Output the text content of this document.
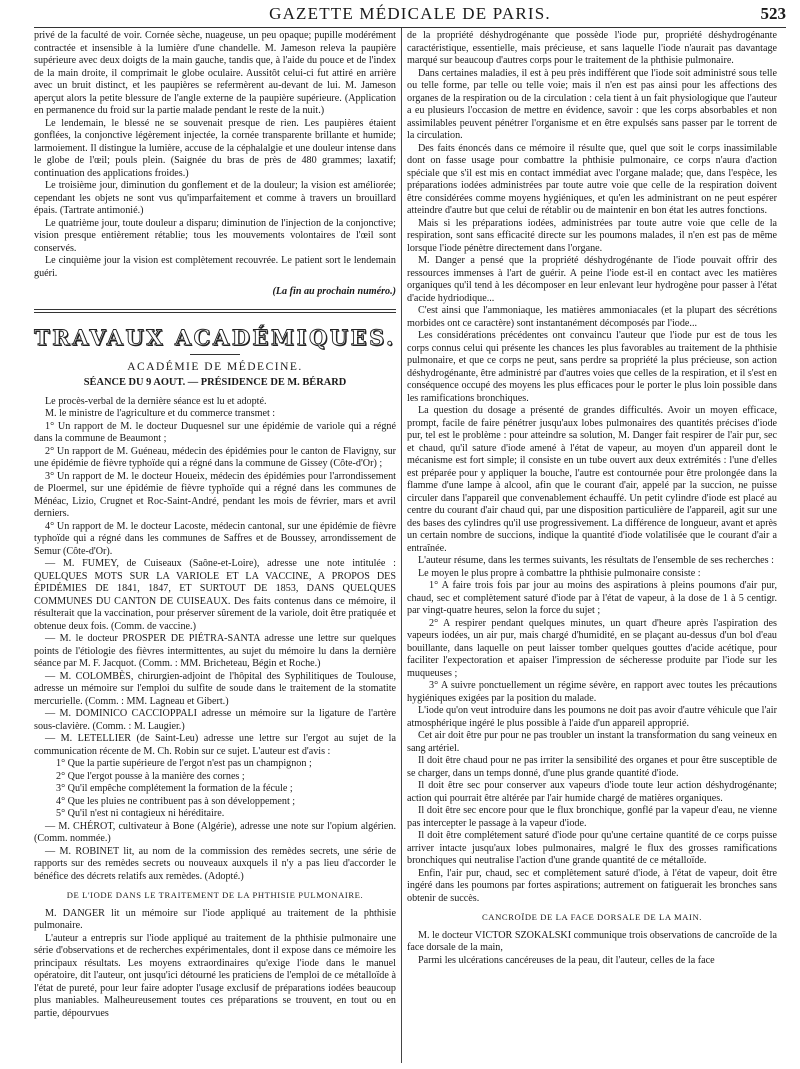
GAZETTE MÉDICALE DE PARIS.	523

privé de la faculté de voir. Cornée sèche, nuageuse, un peu opaque; pupille modérément contractée et insensible à la lumière d'une chandelle. M. Jameson releva la paupière supérieure avec deux doigts de la main gauche, tandis que, à l'aide du pouce et de l'index de la main droite, il comprimait le globe oculaire. Aussitôt celui-ci fut attiré en arrière avec un bruit distinct, et les paupières se refermèrent au-devant de lui. M. Jameson aperçut alors la petite blessure de l'angle externe de la paupière supérieure. (Application en permanence du froid sur la partie malade pendant le reste de la nuit.)

Le lendemain, le blessé ne se souvenait presque de rien. Les paupières étaient gonflées, la conjonctive légèrement injectée, la cornée transparente brillante et humide; larmoiement. Il distingue la lumière, accuse de la céphalalgie et une douleur intense dans le globe de l'œil; pouls plein. (Saignée du bras de près de 480 grammes; laxatif; continuation des applications froides.)

Le troisième jour, diminution du gonflement et de la douleur; la vision est améliorée; cependant les objets ne sont vus qu'imparfaitement et comme à travers un brouillard épais. (Tartrate antimonié.)

Le quatrième jour, toute douleur a disparu; diminution de l'injection de la conjonctive; vision presque entièrement rétablie; tous les mouvements volontaires de l'œil sont conservés.

Le cinquième jour la vision est complètement recouvrée. Le patient sort le lendemain guéri.

(La fin au prochain numéro.)
TRAVAUX ACADÉMIQUES.
ACADÉMIE DE MÉDECINE.
SÉANCE DU 9 AOUT. — PRÉSIDENCE DE M. BÉRARD

Le procès-verbal de la dernière séance est lu et adopté.

M. le ministre de l'agriculture et du commerce transmet :

1° Un rapport de M. le docteur Duquesnel sur une épidémie de variole qui a régné dans la commune de Beaumont ;

2° Un rapport de M. Guéneau, médecin des épidémies pour le canton de Flavigny, sur une épidémie de fièvre typhoïde qui a régné dans la commune de Gissey (Côte-d'Or) ;

3° Un rapport de M. le docteur Houeix, médecin des épidémies pour l'arrondissement de Ploermel, sur une épidémie de fièvre typhoïde qui a régné dans les communes de Ménéac, Lizio, Crugnet et Roc-Saint-André, pendant les mois de février, mars et avril derniers.

4° Un rapport de M. le docteur Lacoste, médecin cantonal, sur une épidémie de fièvre typhoïde qui a régné dans les communes de Saffres et de Boussey, arrondissement de Semur (Côte-d'Or).

— M. FUMEY, de Cuiseaux (Saône-et-Loire), adresse une note intitulée : QUELQUES MOTS SUR LA VARIOLE ET LA VACCINE, A PROPOS DES ÉPIDÉMIES DE 1841, 1847, ET SURTOUT DE 1853, DANS QUELQUES COMMUNES DU CANTON DE CUISEAUX. Des faits contenus dans ce mémoire, il résulterait que la vaccination, pour préserver sûrement de la variole, doit être pratiquée et obtenue deux fois. (Comm. de vaccine.)

— M. le docteur PROSPER DE PIÉTRA-SANTA adresse une lettre sur quelques points de l'étiologie des fièvres intermittentes, au sujet du mémoire lu dans la dernière séance par M. F. Jacquot. (Comm. : MM. Bricheteau, Bégin et Roche.)

— M. COLOMBÈS, chirurgien-adjoint de l'hôpital des Syphilitiques de Toulouse, adresse un mémoire sur l'emploi du sulfite de soude dans le traitement de la stomatite mercurielle. (Comm. : MM. Lagneau et Gibert.)

— M. DOMINICO CACCIOPPALI adresse un mémoire sur la ligature de l'artère sous-clavière. (Comm. : M. Laugier.)

— M. LETELLIER (de Saint-Leu) adresse une lettre sur l'ergot au sujet de la communication récente de M. Ch. Robin sur ce sujet. L'auteur est d'avis :

1° Que la partie supérieure de l'ergot n'est pas un champignon ;

2° Que l'ergot pousse à la manière des cornes ;

3° Qu'il empêche complétement la formation de la fécule ;

4° Que les pluies ne contribuent pas à son développement ;

5° Qu'il n'est ni contagieux ni héréditaire.

— M. CHÉROT, cultivateur à Bone (Algérie), adresse une note sur l'opium algérien. (Comm. nommée.)

— M. ROBINET lit, au nom de la commission des remèdes secrets, une série de rapports sur des remèdes secrets ou nouveaux auxquels il n'y a pas lieu d'accorder le bénéfice des décrets relatifs aux remèdes. (Adopté.)

DE L'IODE DANS LE TRAITEMENT DE LA PHTHISIE PULMONAIRE.

M. DANGER lit un mémoire sur l'iode appliqué au traitement de la phthisie pulmonaire.

L'auteur a entrepris sur l'iode appliqué au traitement de la phthisie pulmonaire une série d'observations et de recherches expérimentales, dont il expose dans ce mémoire les principaux résultats. Les moyens extraordinaires qu'exige l'iode dans le manuel opératoire, dit l'auteur, ont jusqu'ici détourné les praticiens de l'emploi de ce métalloïde à l'état de pureté, pour leur faire adopter l'usage exclusif de préparations iodées beaucoup plus maniables. Malheureusement toutes ces préparations se trouvent, en tout ou en partie, dépourvues

de la propriété déshydrogénante que possède l'iode pur, propriété déshydrogénante caractéristique, essentielle, mais précieuse, et sans laquelle l'iode n'aurait pas davantage marqué sur beaucoup d'autres corps pour le traitement de la phthisie pulmonaire.

Dans certaines maladies, il est à peu près indifférent que l'iode soit administré sous telle ou telle forme, par telle ou telle voie; mais il n'en est pas ainsi pour les affections des organes de la respiration ou de la circulation : cela tient à un fait physiologique que l'auteur a eu plusieurs l'occasion de mettre en évidence, savoir : que les corps absorbables et non assimilables peuvent pénétrer l'organisme et en être expulsés sans passer par le torrent de la circulation.

Des faits énoncés dans ce mémoire il résulte que, quel que soit le corps inassimilable dont on fasse usage pour combattre la phthisie pulmonaire, ce corps n'aura d'action spéciale que s'il est mis en contact immédiat avec l'organe malade; que, dans l'espèce, les préparations iodées administrées par toute autre voie que celle de la respiration doivent être considérées comme moyens hygiéniques, et qu'en les administrant on ne peut espérer atteindre d'autre but que celui de rétablir ou de maintenir en bon état les autres fonctions.

Mais si les préparations iodées, administrées par toute autre voie que celle de la respiration, sont sans efficacité directe sur les poumons malades, il n'en est pas de même lorsque l'iode pénètre directement dans l'organe.

M. Danger a pensé que la propriété déshydrogénante de l'iode pouvait offrir des ressources immenses à l'art de guérir. A peine l'iode est-il en contact avec les matières organiques qu'il tend à les décomposer en leur enlevant leur hydrogène pour passer à l'état d'acide hydriodique...

C'est ainsi que l'ammoniaque, les matières ammoniacales (et la plupart des sécrétions morbides ont ce caractère) sont instantanément décomposés par l'iode...

Les considérations précédentes ont convaincu l'auteur que l'iode pur est de tous les corps connus celui qui présente les chances les plus favorables au traitement de la phthisie pulmonaire, et que ce corps ne peut, sans perdre sa propriété la plus précieuse, son action déshydrogénante, être administré par d'autres voies que celles de la respiration, et il s'est en conséquence occupé des moyens les plus efficaces pour le porter le plus loin possible dans les ramifications bronchiques.

La question du dosage a présenté de grandes difficultés. Avoir un moyen efficace, prompt, facile de faire pénétrer jusqu'aux lobes pulmonaires des quantités précises d'iode pur, tel est le problème : pour atteindre sa solution, M. Danger fait respirer de l'air pur, sec et chaud, qu'il sature d'iode amené à l'état de vapeur, au moyen d'un appareil dont le mécanisme est fort simple; il consiste en un tube ouvert aux deux extrémités : l'une d'elles est préparée pour y appliquer la bouche, l'autre est contournée pour être prolongée dans la flamme d'une lampe à alcool, afin que le courant d'air, appelé par la succion, ne puisse circuler dans l'appareil que convenablement échauffé. Un petit cylindre d'iode est placé au centre du courant d'air chaud qui, par une disposition particulière de l'appareil, agit sur une des bases des cylindres qu'il use progressivement. La différence de longueur, avant et après un certain nombre de succions, indique la quantité d'iode volatilisée que le courant d'air a entraînée.

L'auteur résume, dans les termes suivants, les résultats de l'ensemble de ses recherches :

Le moyen le plus propre à combattre la phthisie pulmonaire consiste :

1° A faire trois fois par jour au moins des aspirations à pleins poumons d'air pur, chaud, sec et complètement saturé d'iode par à l'état de vapeur, à la dose de 1 à 5 centigr. par vingt-quatre heures, selon la force du sujet ;

2° A respirer pendant quelques minutes, un quart d'heure après l'aspiration des vapeurs iodées, un air pur, mais chargé d'humidité, en se plaçant au-dessus d'un bol d'eau bouillante, dans laquelle on peut laisser tomber quelques gouttes d'acide acétique, pour faciliter l'expectoration et apaiser l'impression de sécheresse produite par l'iode sur les muqueuses ;

3° A suivre ponctuellement un régime sévère, en rapport avec toutes les précautions hygiéniques exigées par la position du malade.

L'iode qu'on veut introduire dans les poumons ne doit pas avoir d'autre véhicule que l'air atmosphérique ingéré le plus possible à l'aide d'un appareil approprié.

Cet air doit être pur pour ne pas troubler un instant la transformation du sang veineux en sang artériel.

Il doit être chaud pour ne pas irriter la sensibilité des organes et pour être susceptible de se charger, dans un temps donné, d'une plus grande quantité d'iode.

Il doit être sec pour conserver aux vapeurs d'iode toute leur action déshydrogénante; action qui pourrait être altérée par l'air humide chargé de matières organiques.

Il doit être sec encore pour que le flux bronchique, gonflé par la vapeur d'eau, ne vienne pas intercepter le passage à la vapeur d'iode.

Il doit être complétement saturé d'iode pour qu'une certaine quantité de ce corps puisse arriver intacte jusqu'aux lobes pulmonaires, malgré le flux des grosses ramifications bronchiques qui neutralise l'action d'une grande quantité de ce métalloïde.

Enfin, l'air pur, chaud, sec et complètement saturé d'iode, à l'état de vapeur, doit être ingéré dans les poumons par fortes aspirations; autrement on fatiguerait les bronches sans obtenir de succès.

CANCROÏDE DE LA FACE DORSALE DE LA MAIN.

M. le docteur VICTOR SZOKALSKI communique trois observations de cancroïde de la face dorsale de la main,

Parmi les ulcérations cancéreuses de la peau, dit l'auteur, celles de la face
